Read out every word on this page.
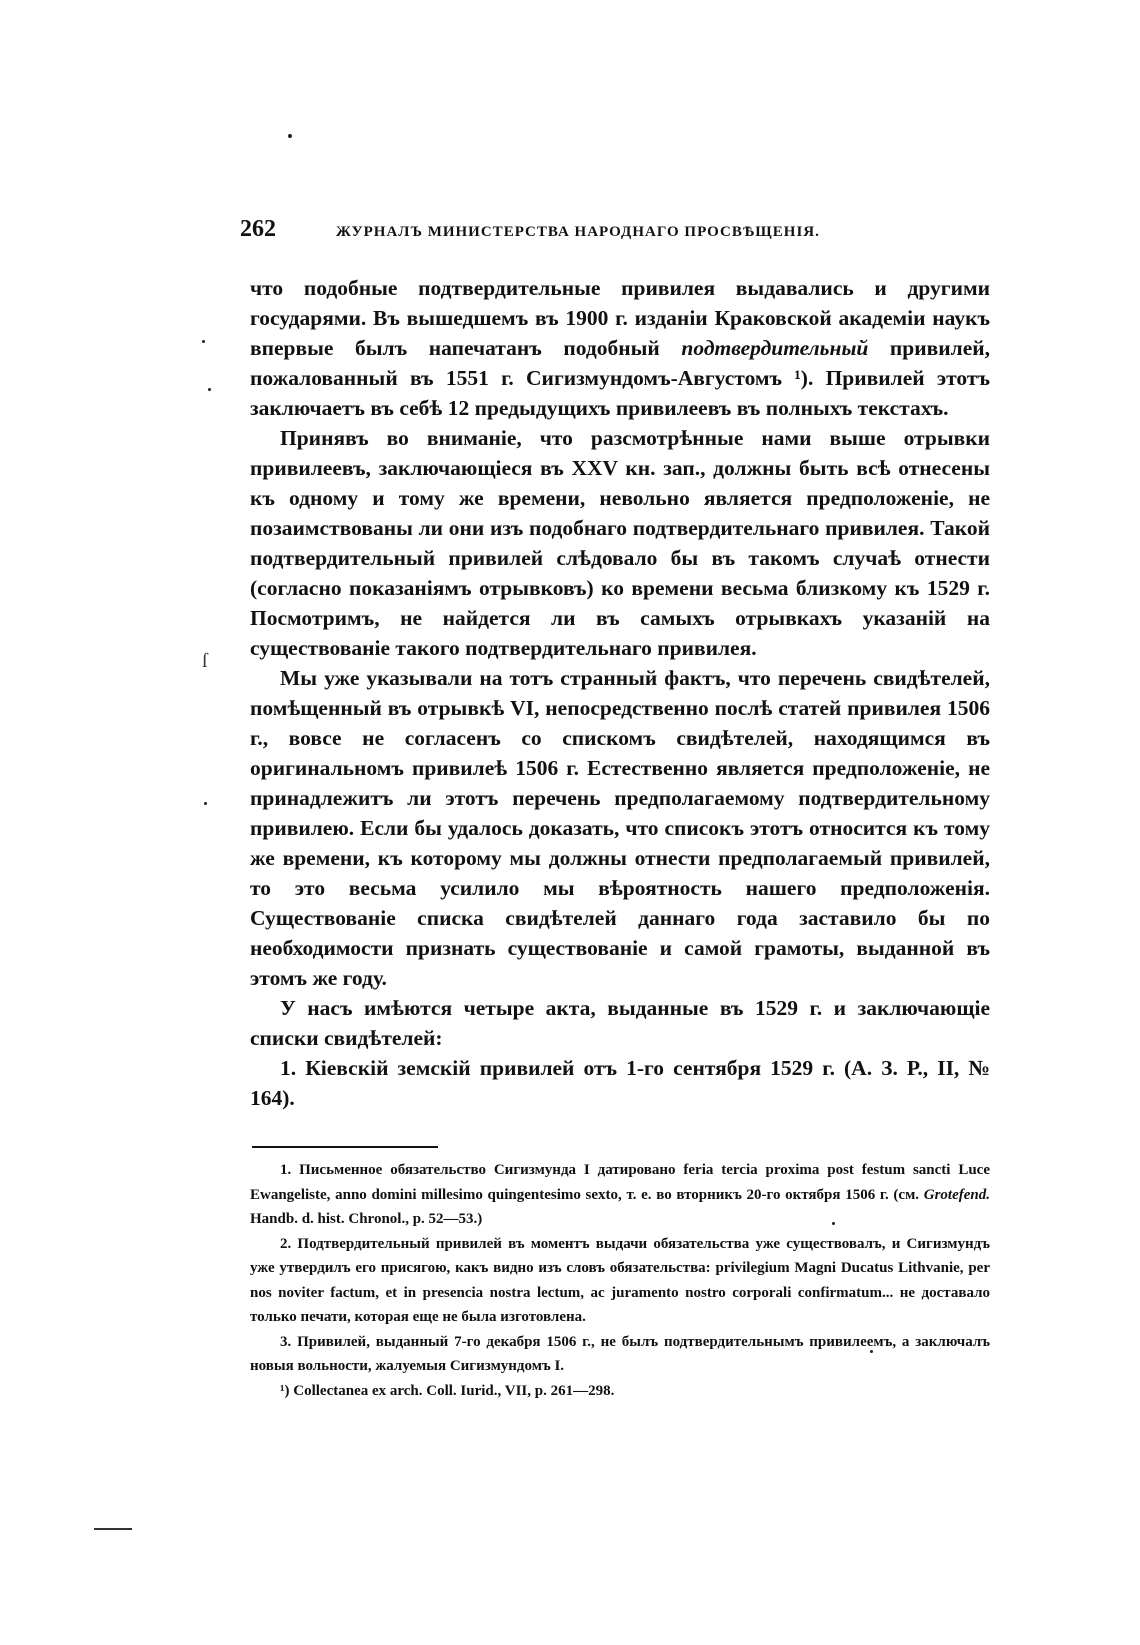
ſ
262	ЖУРНАЛЪ МИНИСТЕРСТВА НАРОДНАГО ПРОСВѢЩЕНІЯ.

что подобные подтвердительные привилея выдавались и другими государями. Въ вышедшемъ въ 1900 г. изданіи Краковской академіи наукъ впервые былъ напечатанъ подобный подтвердительный привилей, пожалованный въ 1551 г. Сигизмундомъ-Августомъ ¹). Привилей этотъ заключаетъ въ себѣ 12 предыдущихъ привилеевъ въ полныхъ текстахъ.

Принявъ во вниманіе, что разсмотрѣнные нами выше отрывки привилеевъ, заключающіеся въ XXV кн. зап., должны быть всѣ отнесены къ одному и тому же времени, невольно является предположеніе, не позаимствованы ли они изъ подобнаго подтвердительнаго привилея. Такой подтвердительный привилей слѣдовало бы въ такомъ случаѣ отнести (согласно показаніямъ отрывковъ) ко времени весьма близкому къ 1529 г. Посмотримъ, не найдется ли въ самыхъ отрывкахъ указаній на существованіе такого подтвердительнаго привилея.

Мы уже указывали на тотъ странный фактъ, что перечень свидѣтелей, помѣщенный въ отрывкѣ VI, непосредственно послѣ статей привилея 1506 г., вовсе не согласенъ со спискомъ свидѣтелей, находящимся въ оригинальномъ привилеѣ 1506 г. Естественно является предположеніе, не принадлежитъ ли этотъ перечень предполагаемому подтвердительному привилею. Если бы удалось доказать, что списокъ этотъ относится къ тому же времени, къ которому мы должны отнести предполагаемый привилей, то это весьма усилило мы вѣроятность нашего предположенія. Существованіе списка свидѣтелей даннаго года заставило бы по необходимости признать существованіе и самой грамоты, выданной въ этомъ же году.

У насъ имѣются четыре акта, выданные въ 1529 г. и заключающіе списки свидѣтелей:

1. Кіевскій земскій привилей отъ 1-го сентября 1529 г. (А. З. Р., II, № 164).

1. Письменное обязательство Сигизмунда I датировано feria tercia proxima post festum sancti Luce Ewangeliste, anno domini millesimo quingentesimo sexto, т. е. во вторникъ 20-го октября 1506 г. (см. Grotefend. Handb. d. hist. Chronol., p. 52—53.)

2. Подтвердительный привилей въ моментъ выдачи обязательства уже существовалъ, и Сигизмундъ уже утвердилъ его присягою, какъ видно изъ словъ обязательства: privilegium Magni Ducatus Lithvanie, per nos noviter factum, et in presencia nostra lectum, ac juramento nostro corporali confirmatum... не доставало только печати, которая еще не была изготовлена.

3. Привилей, выданный 7-го декабря 1506 г., не былъ подтвердительнымъ привилеемъ, а заключалъ новыя вольности, жалуемыя Сигизмундомъ I.

¹) Collectanea ex arch. Coll. Iurid., VII, p. 261—298.
